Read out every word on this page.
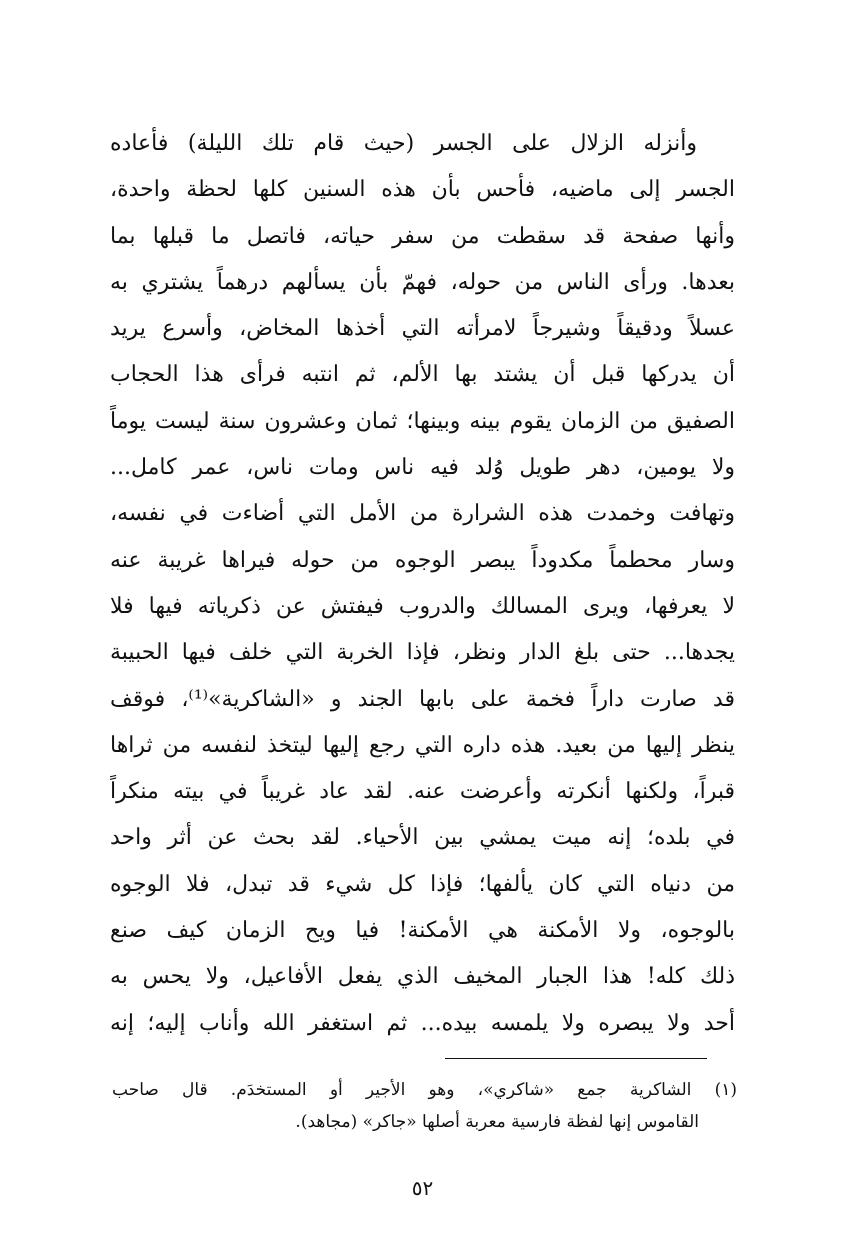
وأنزله الزلال على الجسر (حيث قام تلك الليلة) فأعاده
الجسر إلى ماضيه، فأحس بأن هذه السنين كلها لحظة واحدة،
وأنها صفحة قد سقطت من سفر حياته، فاتصل ما قبلها بما
بعدها. ورأى الناس من حوله، فهمّ بأن يسألهم درهماً يشتري به
عسلاً ودقيقاً وشيرجاً لامرأته التي أخذها المخاض، وأسرع يريد
أن يدركها قبل أن يشتد بها الألم، ثم انتبه فرأى هذا الحجاب
الصفيق من الزمان يقوم بينه وبينها؛ ثمان وعشرون سنة ليست يوماً
ولا يومين، دهر طويل وُلد فيه ناس ومات ناس، عمر كامل...
وتهافت وخمدت هذه الشرارة من الأمل التي أضاءت في نفسه،
وسار محطماً مكدوداً يبصر الوجوه من حوله فيراها غريبة عنه
لا يعرفها، ويرى المسالك والدروب فيفتش عن ذكرياته فيها فلا
يجدها... حتى بلغ الدار ونظر، فإذا الخربة التي خلف فيها الحبيبة
قد صارت داراً فخمة على بابها الجند و «الشاكرية»⁽¹⁾، فوقف
ينظر إليها من بعيد. هذه داره التي رجع إليها ليتخذ لنفسه من ثراها
قبراً، ولكنها أنكرته وأعرضت عنه. لقد عاد غريباً في بيته منكراً
في بلده؛ إنه ميت يمشي بين الأحياء. لقد بحث عن أثر واحد
من دنياه التي كان يألفها؛ فإذا كل شيء قد تبدل، فلا الوجوه
بالوجوه، ولا الأمكنة هي الأمكنة! فيا ويح الزمان كيف صنع
ذلك كله! هذا الجبار المخيف الذي يفعل الأفاعيل، ولا يحس به
أحد ولا يبصره ولا يلمسه بيده... ثم استغفر الله وأناب إليه؛ إنه
(١) الشاكرية جمع «شاكري»، وهو الأجير أو المستخدَم. قال صاحب
القاموس إنها لفظة فارسية معربة أصلها «جاكر» (مجاهد).
٥٢
